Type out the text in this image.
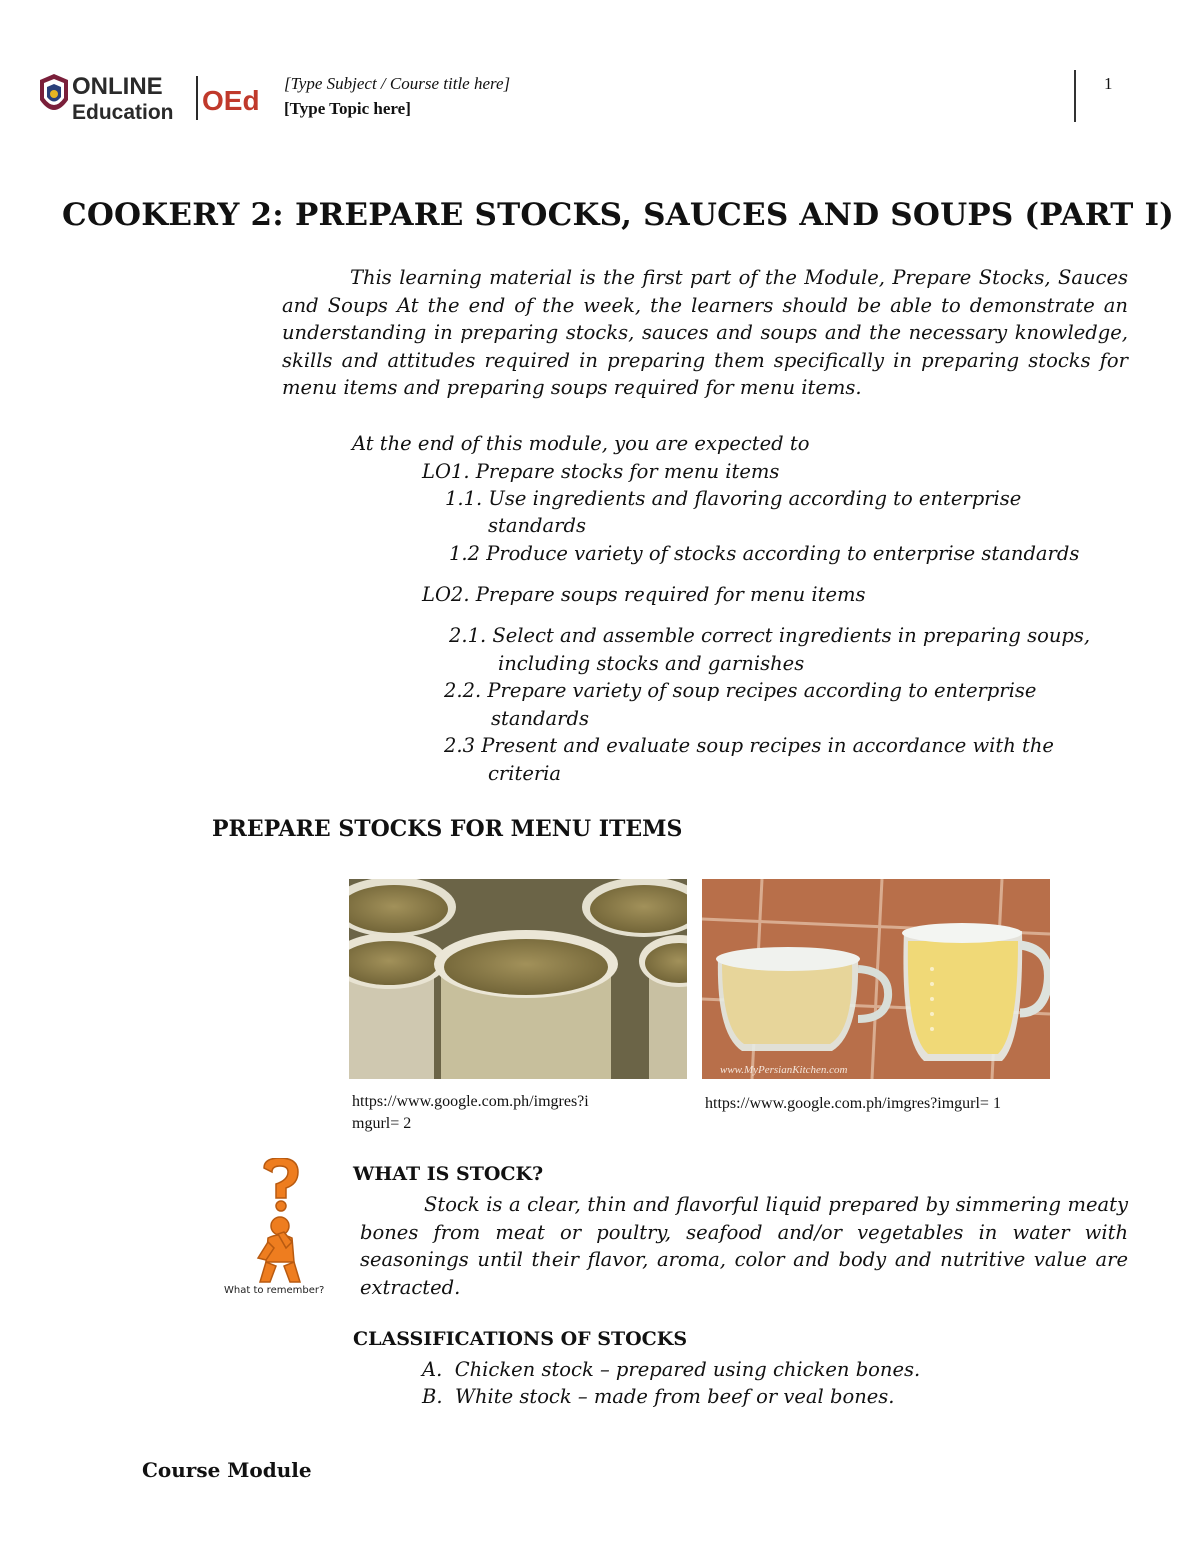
ONLINE
Education OEd
[Type Subject / Course title here]
[Type Topic here]
1
COOKERY 2: PREPARE STOCKS, SAUCES AND SOUPS (PART I)
This learning material is the first part of the Module, Prepare Stocks, Sauces and Soups At the end of the week, the learners should be able to demonstrate an understanding in preparing stocks, sauces and soups and the necessary knowledge, skills and attitudes required in preparing them specifically in preparing stocks for menu items and preparing soups required for menu items.
At the end of this module, you are expected to
LO1. Prepare stocks for menu items
1.1. Use ingredients and flavoring according to enterprise
standards
1.2 Produce variety of stocks according to enterprise standards
LO2. Prepare soups required for menu items
2.1. Select and assemble correct ingredients in preparing soups,
including stocks and garnishes
2.2. Prepare variety of soup recipes according to enterprise
standards
2.3 Present and evaluate soup recipes in accordance with the
criteria
PREPARE STOCKS FOR MENU ITEMS
www.MyPersianKitchen.com
https://www.google.com.ph/imgres?i
mgurl= 2
https://www.google.com.ph/imgres?imgurl= 1
What to remember?
WHAT IS STOCK?
Stock is a clear, thin and flavorful liquid prepared by simmering meaty bones from meat or poultry, seafood and/or vegetables in water with seasonings until their flavor, aroma, color and body and nutritive value are extracted.
CLASSIFICATIONS OF STOCKS
A. Chicken stock – prepared using chicken bones.
B. White stock – made from beef or veal bones.
Course Module
